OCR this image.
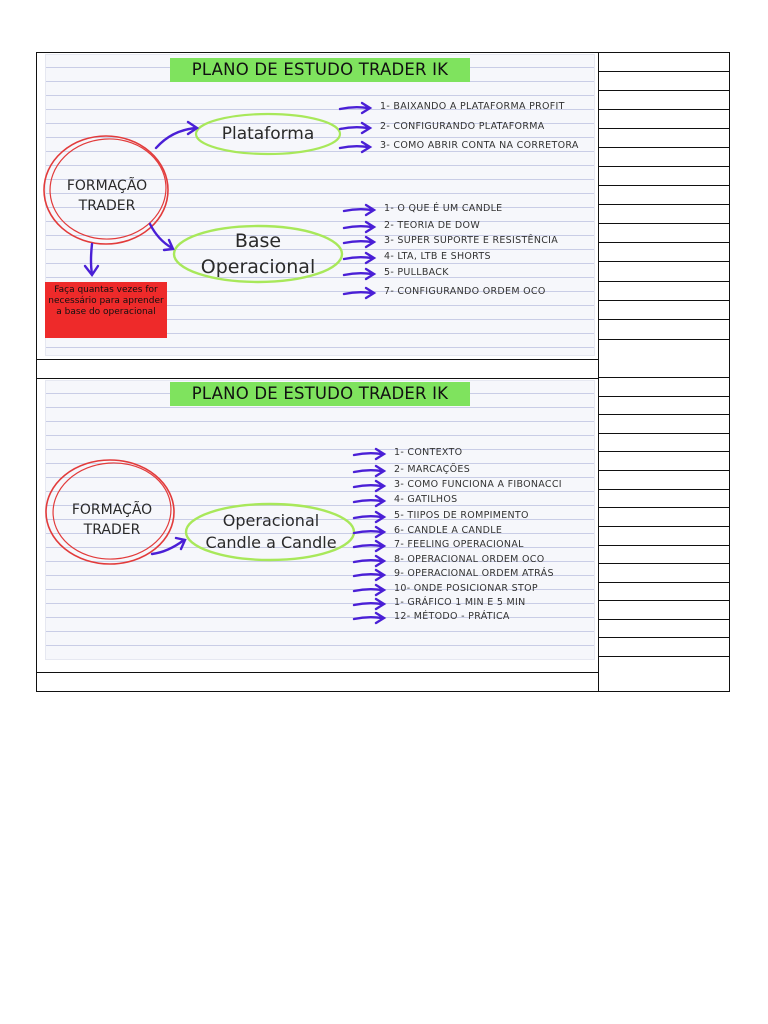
PLANO DE ESTUDO TRADER IK
FORMAÇÃO
TRADER
Plataforma
Base
Operacional
1- BAIXANDO A PLATAFORMA PROFIT
2- CONFIGURANDO PLATAFORMA
3- COMO ABRIR CONTA NA CORRETORA
1- O QUE É UM CANDLE
2- TEORIA DE DOW
3- SUPER SUPORTE E RESISTÊNCIA
4- LTA, LTB E SHORTS
5- PULLBACK
7- CONFIGURANDO ORDEM OCO
Faça quantas vezes for necessário para aprender a base do operacional
PLANO DE ESTUDO TRADER IK
FORMAÇÃO
TRADER	Operacional
Candle a Candle
1- CONTEXTO
2- MARCAÇÕES
3- COMO FUNCIONA A FIBONACCI
4- GATILHOS
5- TIIPOS DE ROMPIMENTO
6- CANDLE A CANDLE
7- FEELING OPERACIONAL
8- OPERACIONAL ORDEM OCO
9- OPERACIONAL ORDEM ATRÁS
10- ONDE POSICIONAR STOP
1- GRÁFICO 1 MIN E 5 MIN
12- MÉTODO - PRÁTICA
